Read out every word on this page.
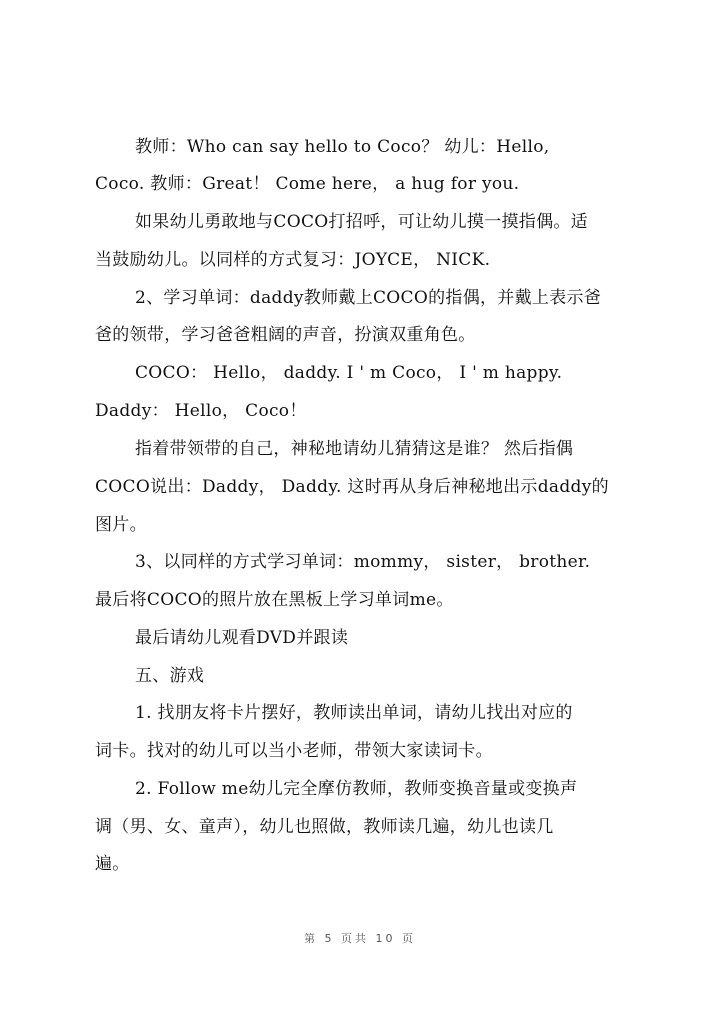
教师：Who can say hello to Coco？ 幼儿：Hello,
Coco. 教师：Great！ Come here， a hug for you.
如果幼儿勇敢地与COCO打招呼，可让幼儿摸一摸指偶。适
当鼓励幼儿。以同样的方式复习：JOYCE， NICK.
2、学习单词：daddy教师戴上COCO的指偶，并戴上表示爸
爸的领带，学习爸爸粗阔的声音，扮演双重角色。
COCO： Hello， daddy. I ' m Coco， I ' m happy.
Daddy： Hello， Coco！
指着带领带的自己，神秘地请幼儿猜猜这是谁？ 然后指偶
COCO说出：Daddy， Daddy. 这时再从身后神秘地出示daddy的
图片。
3、以同样的方式学习单词：mommy， sister， brother.
最后将COCO的照片放在黑板上学习单词me。
最后请幼儿观看DVD并跟读
五、游戏
1. 找朋友将卡片摆好，教师读出单词，请幼儿找出对应的
词卡。找对的幼儿可以当小老师，带领大家读词卡。
2. Follow me幼儿完全摩仿教师，教师变换音量或变换声
调（男、女、童声），幼儿也照做，教师读几遍，幼儿也读几
遍。
第 5 页共 10 页
